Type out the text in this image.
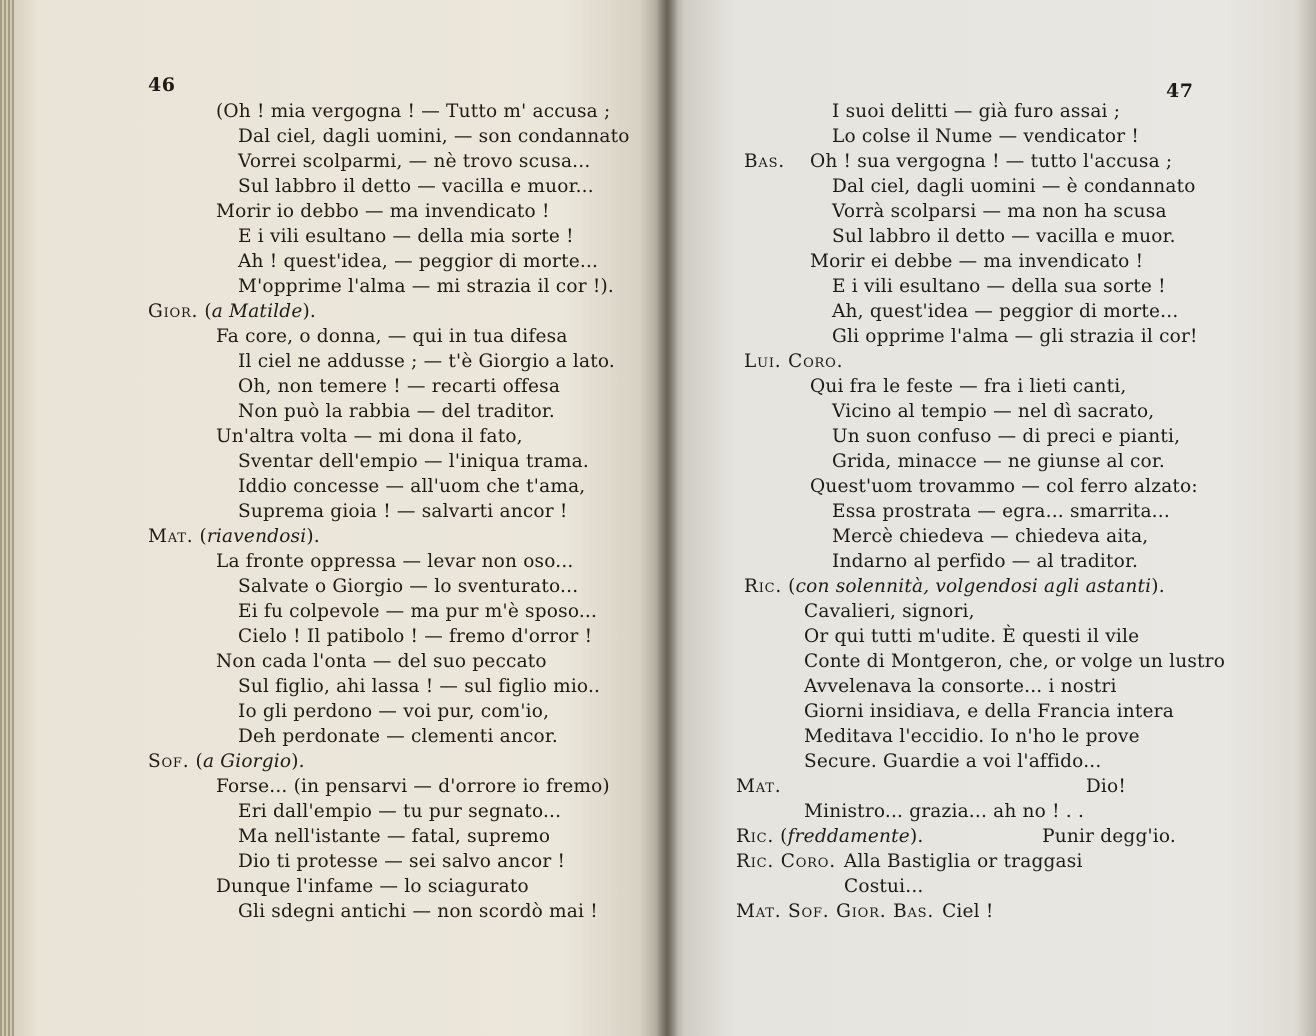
46
(Oh ! mia vergogna ! — Tutto m' accusa ;
Dal ciel, dagli uomini, — son condannato
Vorrei scolparmi, — nè trovo scusa...
Sul labbro il detto — vacilla e muor...
Morir io debbo — ma invendicato !
E i vili esultano — della mia sorte !
Ah ! quest'idea, — peggior di morte...
M'opprime l'alma — mi strazia il cor !).
Gior. (a Matilde).
Fa core, o donna, — qui in tua difesa
Il ciel ne addusse ; — t'è Giorgio a lato.
Oh, non temere ! — recarti offesa
Non può la rabbia — del traditor.
Un'altra volta — mi dona il fato,
Sventar dell'empio — l'iniqua trama.
Iddio concesse — all'uom che t'ama,
Suprema gioia ! — salvarti ancor !
Mat. (riavendosi).
La fronte oppressa — levar non oso...
Salvate o Giorgio — lo sventurato...
Ei fu colpevole — ma pur m'è sposo...
Cielo ! Il patibolo ! — fremo d'orror !
Non cada l'onta — del suo peccato
Sul figlio, ahi lassa ! — sul figlio mio..
Io gli perdono — voi pur, com'io,
Deh perdonate — clementi ancor.
Sof. (a Giorgio).
Forse... (in pensarvi — d'orrore io fremo)
Eri dall'empio — tu pur segnato...
Ma nell'istante — fatal, supremo
Dio ti protesse — sei salvo ancor !
Dunque l'infame — lo sciagurato
Gli sdegni antichi — non scordò mai !
47
I suoi delitti — già furo assai ;
Lo colse il Nume — vendicator !
Bas. Oh ! sua vergogna ! — tutto l'accusa ;
Dal ciel, dagli uomini — è condannato
Vorrà scolparsi — ma non ha scusa
Sul labbro il detto — vacilla e muor.
Morir ei debbe — ma invendicato !
E i vili esultano — della sua sorte !
Ah, quest'idea — peggior di morte...
Gli opprime l'alma — gli strazia il cor!
Lui. Coro.
Qui fra le feste — fra i lieti canti,
Vicino al tempio — nel dì sacrato,
Un suon confuso — di preci e pianti,
Grida, minacce — ne giunse al cor.
Quest'uom trovammo — col ferro alzato:
Essa prostrata — egra... smarrita...
Mercè chiedeva — chiedeva aita,
Indarno al perfido — al traditor.
Ric. (con solennità, volgendosi agli astanti).
Cavalieri, signori,
Or qui tutti m'udite. È questi il vile
Conte di Montgeron, che, or volge un lustro
Avvelenava la consorte... i nostri
Giorni insidiava, e della Francia intera
Meditava l'eccidio. Io n'ho le prove
Secure. Guardie a voi l'affido...
Mat.	Dio!
Ministro... grazia... ah no ! . .
Ric. (freddamente).	Punir degg'io.
Ric. Coro. Alla Bastiglia or traggasi
Costui...
Mat. Sof. Gior. Bas. Ciel !
